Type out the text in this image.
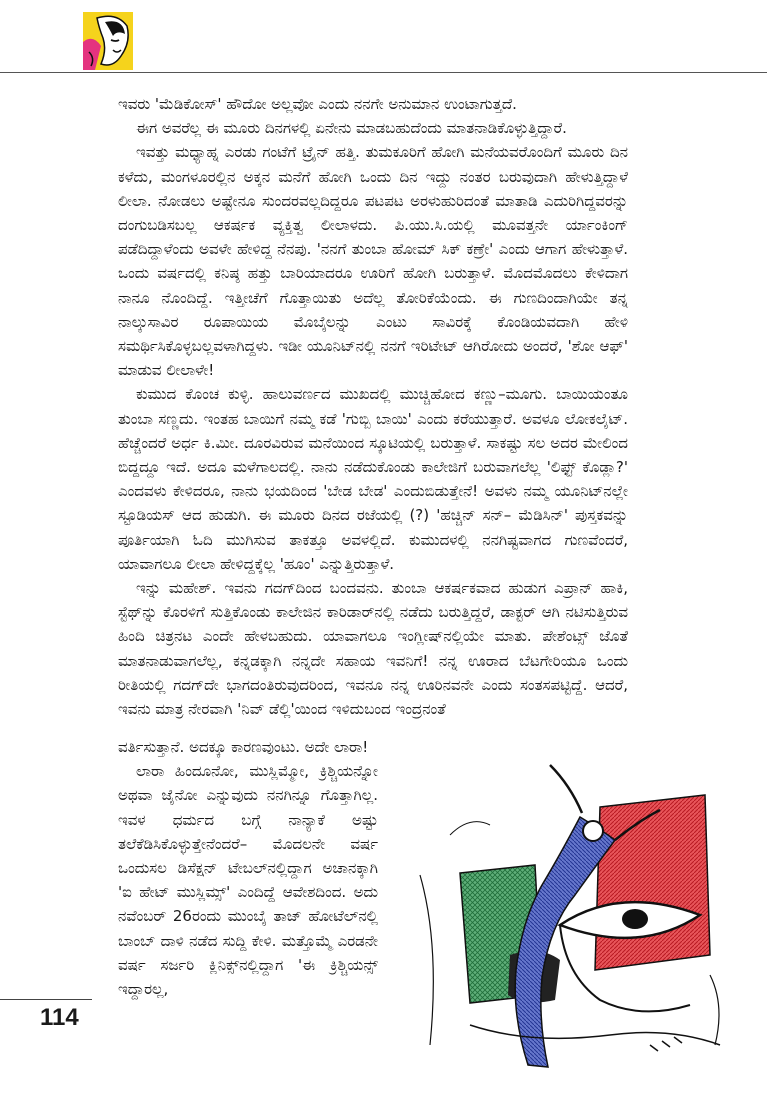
ಇವರು 'ಮೆಡಿಕೋಸ್' ಹೌದೋ ಅಲ್ಲವೋ ಎಂದು ನನಗೇ ಅನುಮಾನ ಉಂಟಾಗುತ್ತದೆ.

ಈಗ ಅವರೆಲ್ಲ ಈ ಮೂರು ದಿನಗಳಲ್ಲಿ ಏನೇನು ಮಾಡಬಹುದೆಂದು ಮಾತನಾಡಿಕೊಳ್ಳುತ್ತಿದ್ದಾರೆ.

ಇವತ್ತು ಮಧ್ಯಾಹ್ನ ಎರಡು ಗಂಟೆಗೆ ಟ್ರೈನ್ ಹತ್ತಿ. ತುಮಕೂರಿಗೆ ಹೋಗಿ ಮನೆಯವರೊಂದಿಗೆ ಮೂರು ದಿನ ಕಳೆದು, ಮಂಗಳೂರಲ್ಲಿನ ಅಕ್ಕನ ಮನೆಗೆ ಹೋಗಿ ಒಂದು ದಿನ ಇದ್ದು ನಂತರ ಬರುವುದಾಗಿ ಹೇಳುತ್ತಿದ್ದಾಳೆ ಲೀಲಾ. ನೋಡಲು ಅಷ್ಟೇನೂ ಸುಂದರವಲ್ಲದಿದ್ದರೂ ಪಟಪಟ ಅರಳುಹುರಿದಂತೆ ಮಾತಾಡಿ ಎದುರಿಗಿದ್ದವರನ್ನು ದಂಗುಬಡಿಸಬಲ್ಲ ಆಕರ್ಷಕ ವ್ಯಕ್ತಿತ್ವ ಲೀಲಾಳದು. ಪಿ.ಯು.ಸಿ.ಯಲ್ಲಿ ಮೂವತ್ತನೇ ರ್ಯಾಂಕಿಂಗ್ ಪಡೆದಿದ್ದಾಳೆಂದು ಅವಳೇ ಹೇಳಿದ್ದ ನೆನಪು. 'ನನಗೆ ತುಂಬಾ ಹೋಮ್ ಸಿಕ್ ಕಣ್ರೇ' ಎಂದು ಆಗಾಗ ಹೇಳುತ್ತಾಳೆ. ಒಂದು ವರ್ಷದಲ್ಲಿ ಕನಿಷ್ಠ ಹತ್ತು ಬಾರಿಯಾದರೂ ಊರಿಗೆ ಹೋಗಿ ಬರುತ್ತಾಳೆ. ಮೊದಮೊದಲು ಕೇಳಿದಾಗ ನಾನೂ ನೊಂದಿದ್ದೆ. ಇತ್ತೀಚೆಗೆ ಗೊತ್ತಾಯಿತು ಅದೆಲ್ಲ ತೋರಿಕೆಯೆಂದು. ಈ ಗುಣದಿಂದಾಗಿಯೇ ತನ್ನ ನಾಲ್ಕುಸಾವಿರ ರೂಪಾಯಿಯ ಮೊಬೈಲನ್ನು ಎಂಟು ಸಾವಿರಕ್ಕೆ ಕೊಂಡಿಯವದಾಗಿ ಹೇಳಿ ಸಮರ್ಥಿಸಿಕೊಳ್ಳಬಲ್ಲವಳಾಗಿದ್ದಳು. ಇಡೀ ಯೂನಿಟ್‌ನಲ್ಲಿ ನನಗೆ ಇರಿಟೇಟ್ ಆಗಿರೋದು ಅಂದರೆ, 'ಶೋ ಆಫ್' ಮಾಡುವ ಲೀಲಾಳೇ!

ಕುಮುದ ಕೊಂಚ ಕುಳ್ಳಿ. ಹಾಲುವರ್ಣದ ಮುಖದಲ್ಲಿ ಮುಚ್ಚಿಹೋದ ಕಣ್ಣು–ಮೂಗು. ಬಾಯಿಯಂತೂ ತುಂಬಾ ಸಣ್ಣದು. ಇಂತಹ ಬಾಯಿಗೆ ನಮ್ಮ ಕಡೆ 'ಗುಬ್ಬಿ ಬಾಯಿ' ಎಂದು ಕರೆಯುತ್ತಾರೆ. ಅವಳೂ ಲೋಕಲೈಟ್. ಹೆಚ್ಚೆಂದರೆ ಅರ್ಧ ಕಿ.ಮೀ. ದೂರವಿರುವ ಮನೆಯಿಂದ ಸ್ಕೂಟಿಯಲ್ಲಿ ಬರುತ್ತಾಳೆ. ಸಾಕಷ್ಟು ಸಲ ಅದರ ಮೇಲಿಂದ ಬಿದ್ದದ್ದೂ ಇದೆ. ಅದೂ ಮಳೆಗಾಲದಲ್ಲಿ. ನಾನು ನಡೆದುಕೊಂಡು ಕಾಲೇಜಿಗೆ ಬರುವಾಗಲೆಲ್ಲ 'ಲಿಫ್ಟ್ ಕೊಡ್ಲಾ?' ಎಂದವಳು ಕೇಳಿದರೂ, ನಾನು ಭಯದಿಂದ 'ಬೇಡ ಬೇಡ' ಎಂದುಬಿಡುತ್ತೇನೆ! ಅವಳು ನಮ್ಮ ಯೂನಿಟ್‌ನಲ್ಲೇ ಸ್ಟೂಡಿಯಸ್ ಆದ ಹುಡುಗಿ. ಈ ಮೂರು ದಿನದ ರಜೆಯಲ್ಲಿ (?) 'ಹಚ್ಚಿನ್ ಸನ್– ಮೆಡಿಸಿನ್' ಪುಸ್ತಕವನ್ನು ಪೂರ್ತಿಯಾಗಿ ಓದಿ ಮುಗಿಸುವ ತಾಕತ್ತೂ ಅವಳಲ್ಲಿದೆ. ಕುಮುದಳಲ್ಲಿ ನನಗಿಷ್ಟವಾಗದ ಗುಣವೆಂದರೆ, ಯಾವಾಗಲೂ ಲೀಲಾ ಹೇಳಿದ್ದಕ್ಕೆಲ್ಲ 'ಹೂಂ' ಎನ್ನುತ್ತಿರುತ್ತಾಳೆ.

ಇನ್ನು ಮಹೇಶ್. ಇವನು ಗದಗ್‌ದಿಂದ ಬಂದವನು. ತುಂಬಾ ಆಕರ್ಷಕವಾದ ಹುಡುಗ ಎಪ್ರಾನ್ ಹಾಕಿ, ಸ್ಟೆಥ್‌ನ್ನು ಕೊರಳಿಗೆ ಸುತ್ತಿಕೊಂಡು ಕಾಲೇಜಿನ ಕಾರಿಡಾರ್‌ನಲ್ಲಿ ನಡೆದು ಬರುತ್ತಿದ್ದರೆ, ಡಾಕ್ಟರ್ ಆಗಿ ನಟಿಸುತ್ತಿರುವ ಹಿಂದಿ ಚಿತ್ರನಟ ಎಂದೇ ಹೇಳಬಹುದು. ಯಾವಾಗಲೂ ಇಂಗ್ಲೀಷ್‌ನಲ್ಲಿಯೇ ಮಾತು. ಪೇಶೆಂಟ್ಸ್ ಜೊತೆ ಮಾತನಾಡುವಾಗಲೆಲ್ಲ, ಕನ್ನಡಕ್ಕಾಗಿ ನನ್ನದೇ ಸಹಾಯ ಇವನಿಗೆ! ನನ್ನ ಊರಾದ ಬೆಟಗೇರಿಯೂ ಒಂದು ರೀತಿಯಲ್ಲಿ ಗದಗ್‌ದೇ ಭಾಗದಂತಿರುವುದರಿಂದ, ಇವನೂ ನನ್ನ ಊರಿನವನೇ ಎಂದು ಸಂತಸಪಟ್ಟಿದ್ದೆ. ಆದರೆ, ಇವನು ಮಾತ್ರ ನೇರವಾಗಿ 'ನಿವ್ ಡೆಲ್ಲಿ'ಯಿಂದ ಇಳಿದುಬಂದ ಇಂದ್ರನಂತೆ

ವರ್ತಿಸುತ್ತಾನೆ. ಅದಕ್ಕೂ ಕಾರಣವುಂಟು. ಅದೇ ಲಾರಾ!

ಲಾರಾ ಹಿಂದೂನೋ, ಮುಸ್ಲಿಮ್ಮೋ, ಕ್ರಿಶ್ಚಿಯನ್ನೋ ಅಥವಾ ಜೈನೋ ಎನ್ನುವುದು ನನಗಿನ್ನೂ ಗೊತ್ತಾಗಿಲ್ಲ. ಇವಳ ಧರ್ಮದ ಬಗ್ಗೆ ನಾನ್ಯಾಕೆ ಅಷ್ಟು ತಲೆಕೆಡಿಸಿಕೊಳ್ಳುತ್ತೇನೆಂದರೆ– ಮೊದಲನೇ ವರ್ಷ ಒಂದುಸಲ ಡಿಸೆಕ್ಷನ್ ಟೇಬಲ್‌ನಲ್ಲಿದ್ದಾಗ ಅಚಾನಕ್ಕಾಗಿ 'ಐ ಹೇಟ್ ಮುಸ್ಲಿಮ್ಸ್' ಎಂದಿದ್ದೆ ಆವೇಶದಿಂದ. ಅದು ನವೆಂಬರ್ 26ರಂದು ಮುಂಬೈ ತಾಜ್ ಹೋಟೆಲ್‌ನಲ್ಲಿ ಬಾಂಬ್ ದಾಳಿ ನಡೆದ ಸುದ್ದಿ ಕೇಳಿ. ಮತ್ತೊಮ್ಮೆ ಎರಡನೇ ವರ್ಷ ಸರ್ಜರಿ ಕ್ಲಿನಿಕ್ಸ್‌ನಲ್ಲಿದ್ದಾಗ 'ಈ ಕ್ರಿಶ್ಚಿಯನ್ಸ್ ಇದ್ದಾರಲ್ಲ,

114
